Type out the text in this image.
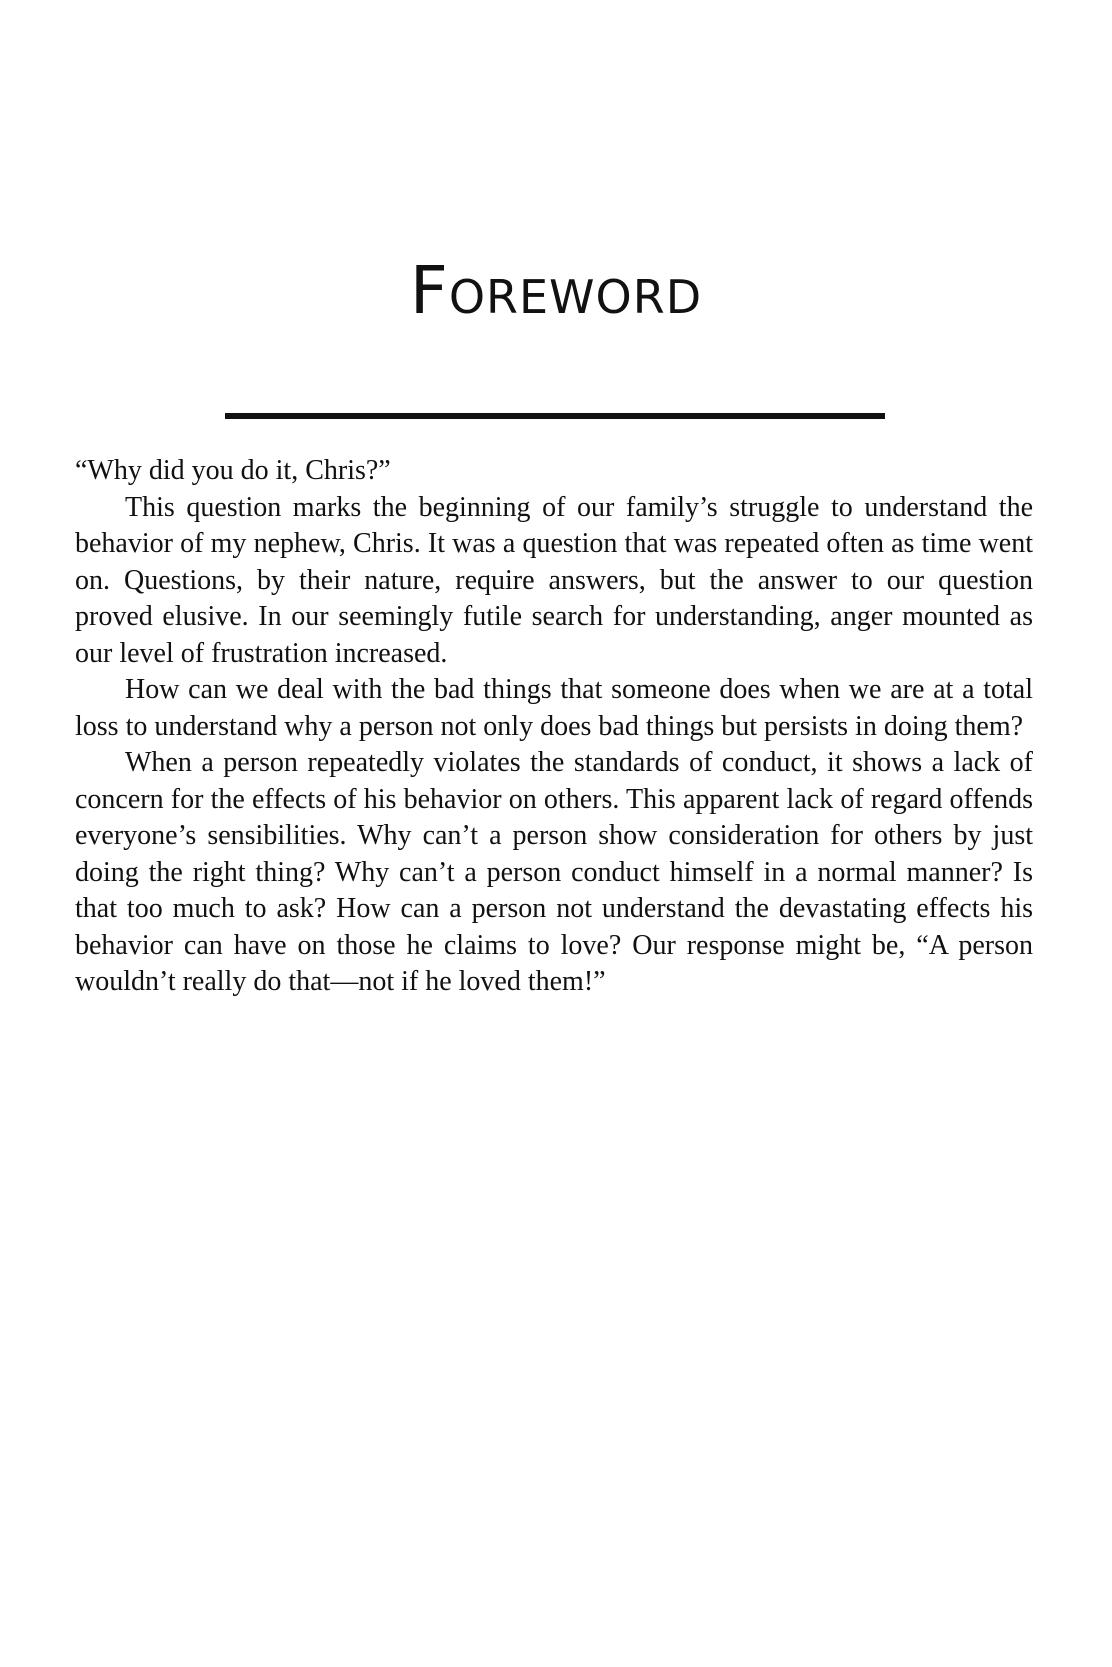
Foreword

“Why did you do it, Chris?”

This question marks the beginning of our family’s struggle to understand the behavior of my nephew, Chris. It was a question that was repeated often as time went on. Questions, by their nature, require answers, but the answer to our question proved elusive. In our seemingly futile search for understanding, anger mounted as our level of frustration increased.

How can we deal with the bad things that someone does when we are at a total loss to understand why a person not only does bad things but persists in doing them?

When a person repeatedly violates the standards of conduct, it shows a lack of concern for the effects of his behavior on others. This apparent lack of regard offends everyone’s sensibilities. Why can’t a person show consideration for others by just doing the right thing? Why can’t a person conduct himself in a normal manner? Is that too much to ask? How can a person not understand the devastating effects his behavior can have on those he claims to love? Our response might be, “A person wouldn’t really do that—not if he loved them!”
